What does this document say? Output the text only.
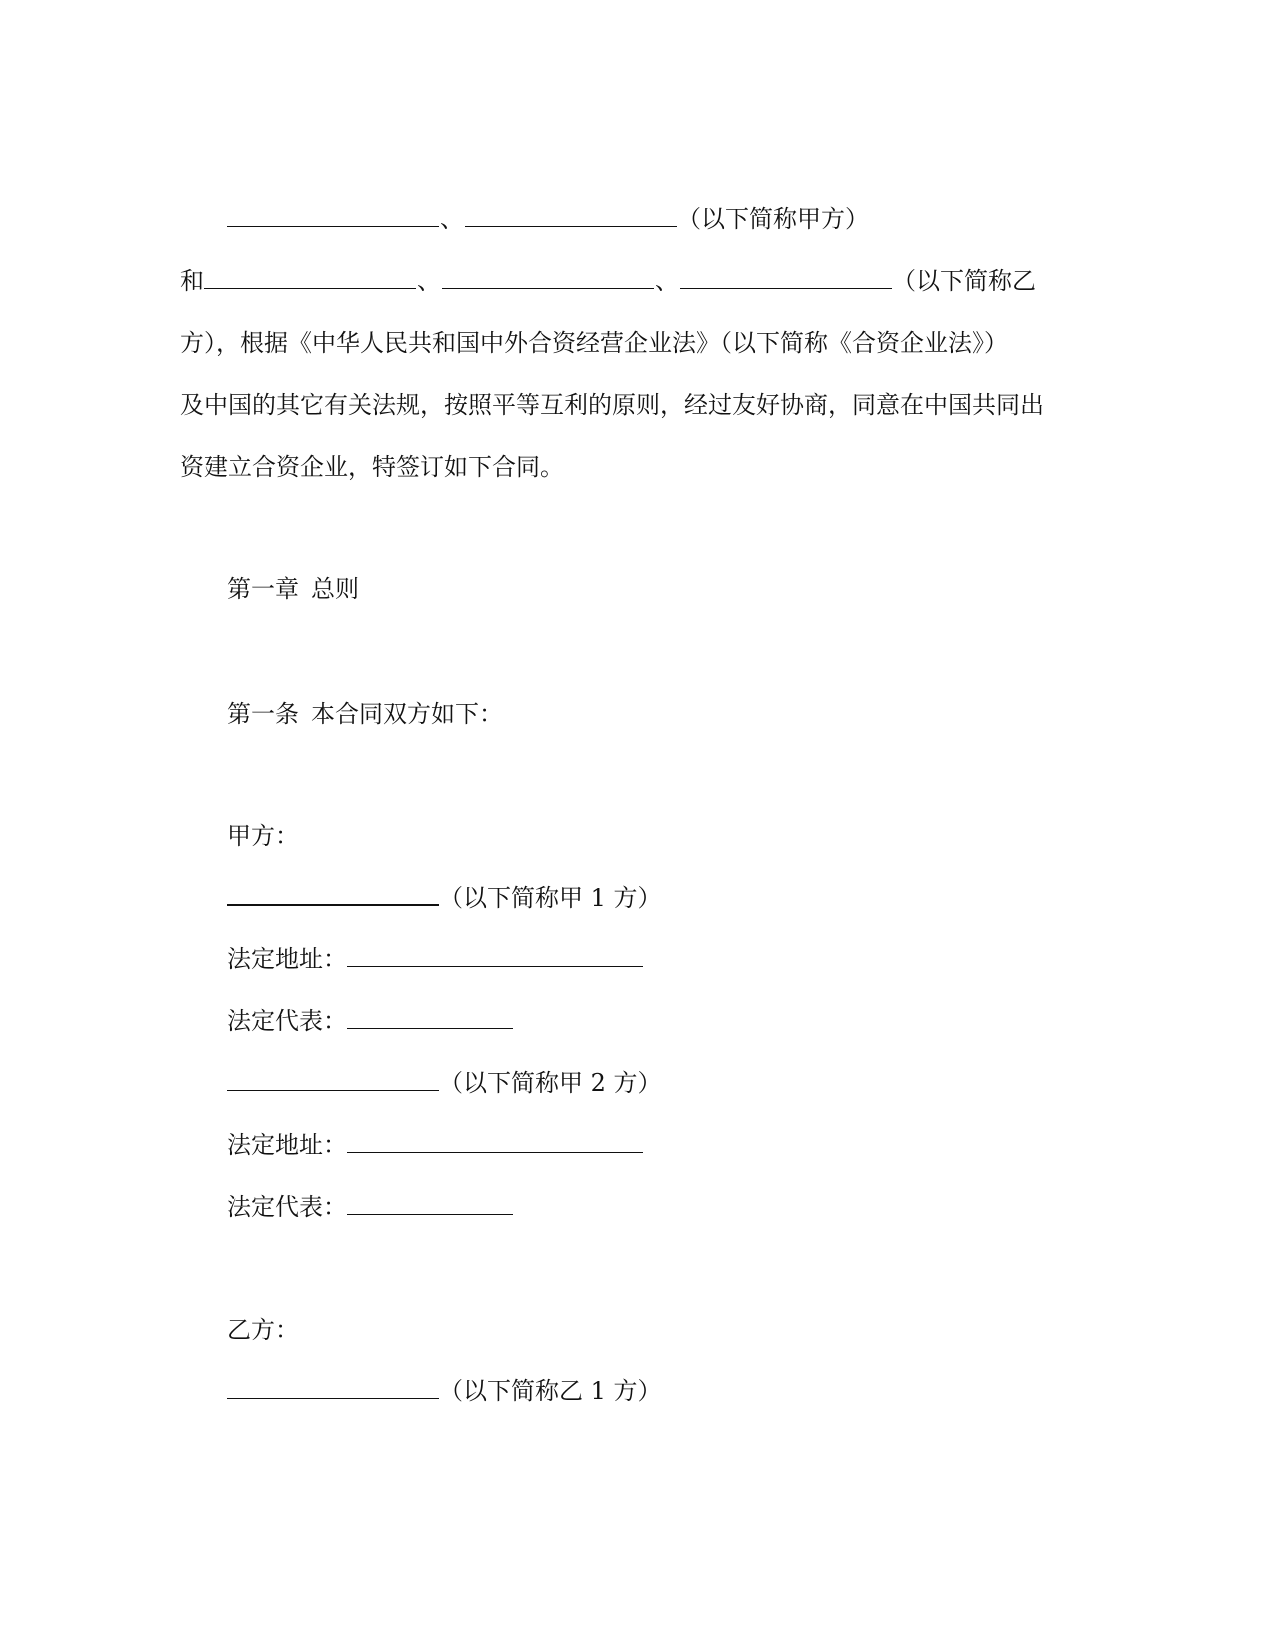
、	（以下简称甲方）
和	、	、	（以下简称乙
方），根据《中华人民共和国中外合资经营企业法》（以下简称《合资企业法》）
及中国的其它有关法规，按照平等互利的原则，经过友好协商，同意在中国共同出
资建立合资企业，特签订如下合同。
第一章 总则
第一条 本合同双方如下：
甲方：
（以下简称甲 1 方）
法定地址：
法定代表：
（以下简称甲 2 方）
法定地址：
法定代表：
乙方：
（以下简称乙 1 方）
